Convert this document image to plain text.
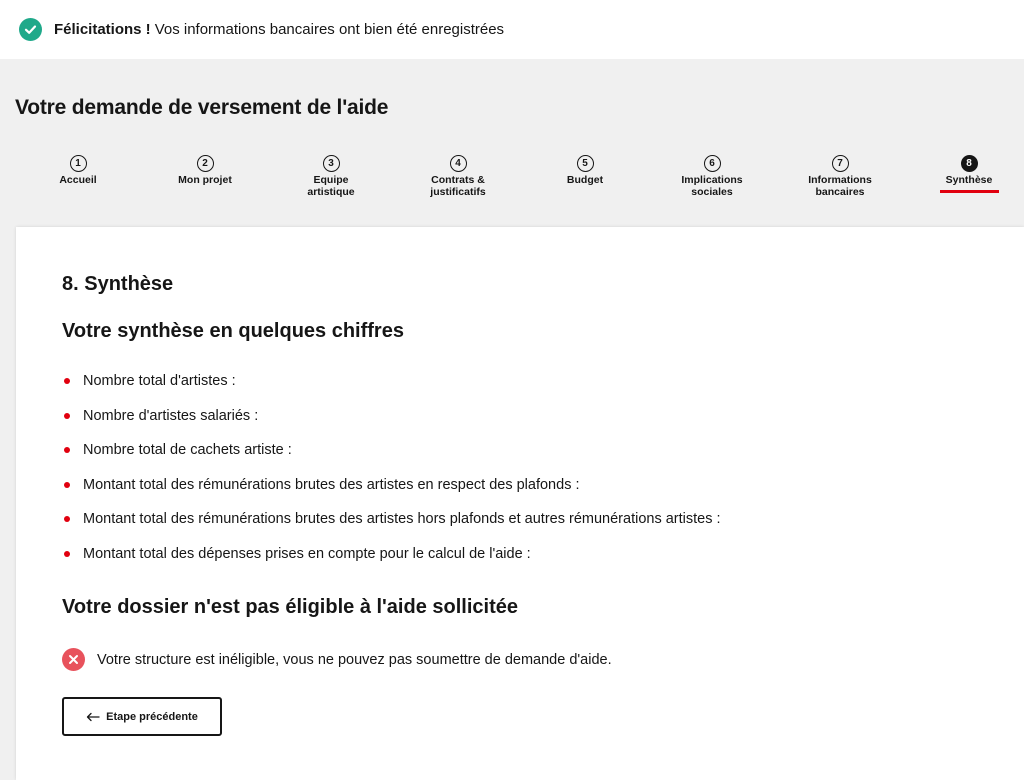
Félicitations ! Vos informations bancaires ont bien été enregistrées
Votre demande de versement de l'aide
1
Accueil
2
Mon projet
3
Equipe
artistique
4
Contrats &
justificatifs
5
Budget
6
Implications
sociales
7
Informations
bancaires
8
Synthèse
8. Synthèse
Votre synthèse en quelques chiffres
Nombre total d'artistes :
Nombre d'artistes salariés :
Nombre total de cachets artiste :
Montant total des rémunérations brutes des artistes en respect des plafonds :
Montant total des rémunérations brutes des artistes hors plafonds et autres rémunérations artistes :
Montant total des dépenses prises en compte pour le calcul de l'aide :
Votre dossier n'est pas éligible à l'aide sollicitée
Votre structure est inéligible, vous ne pouvez pas soumettre de demande d'aide.
Etape précédente
